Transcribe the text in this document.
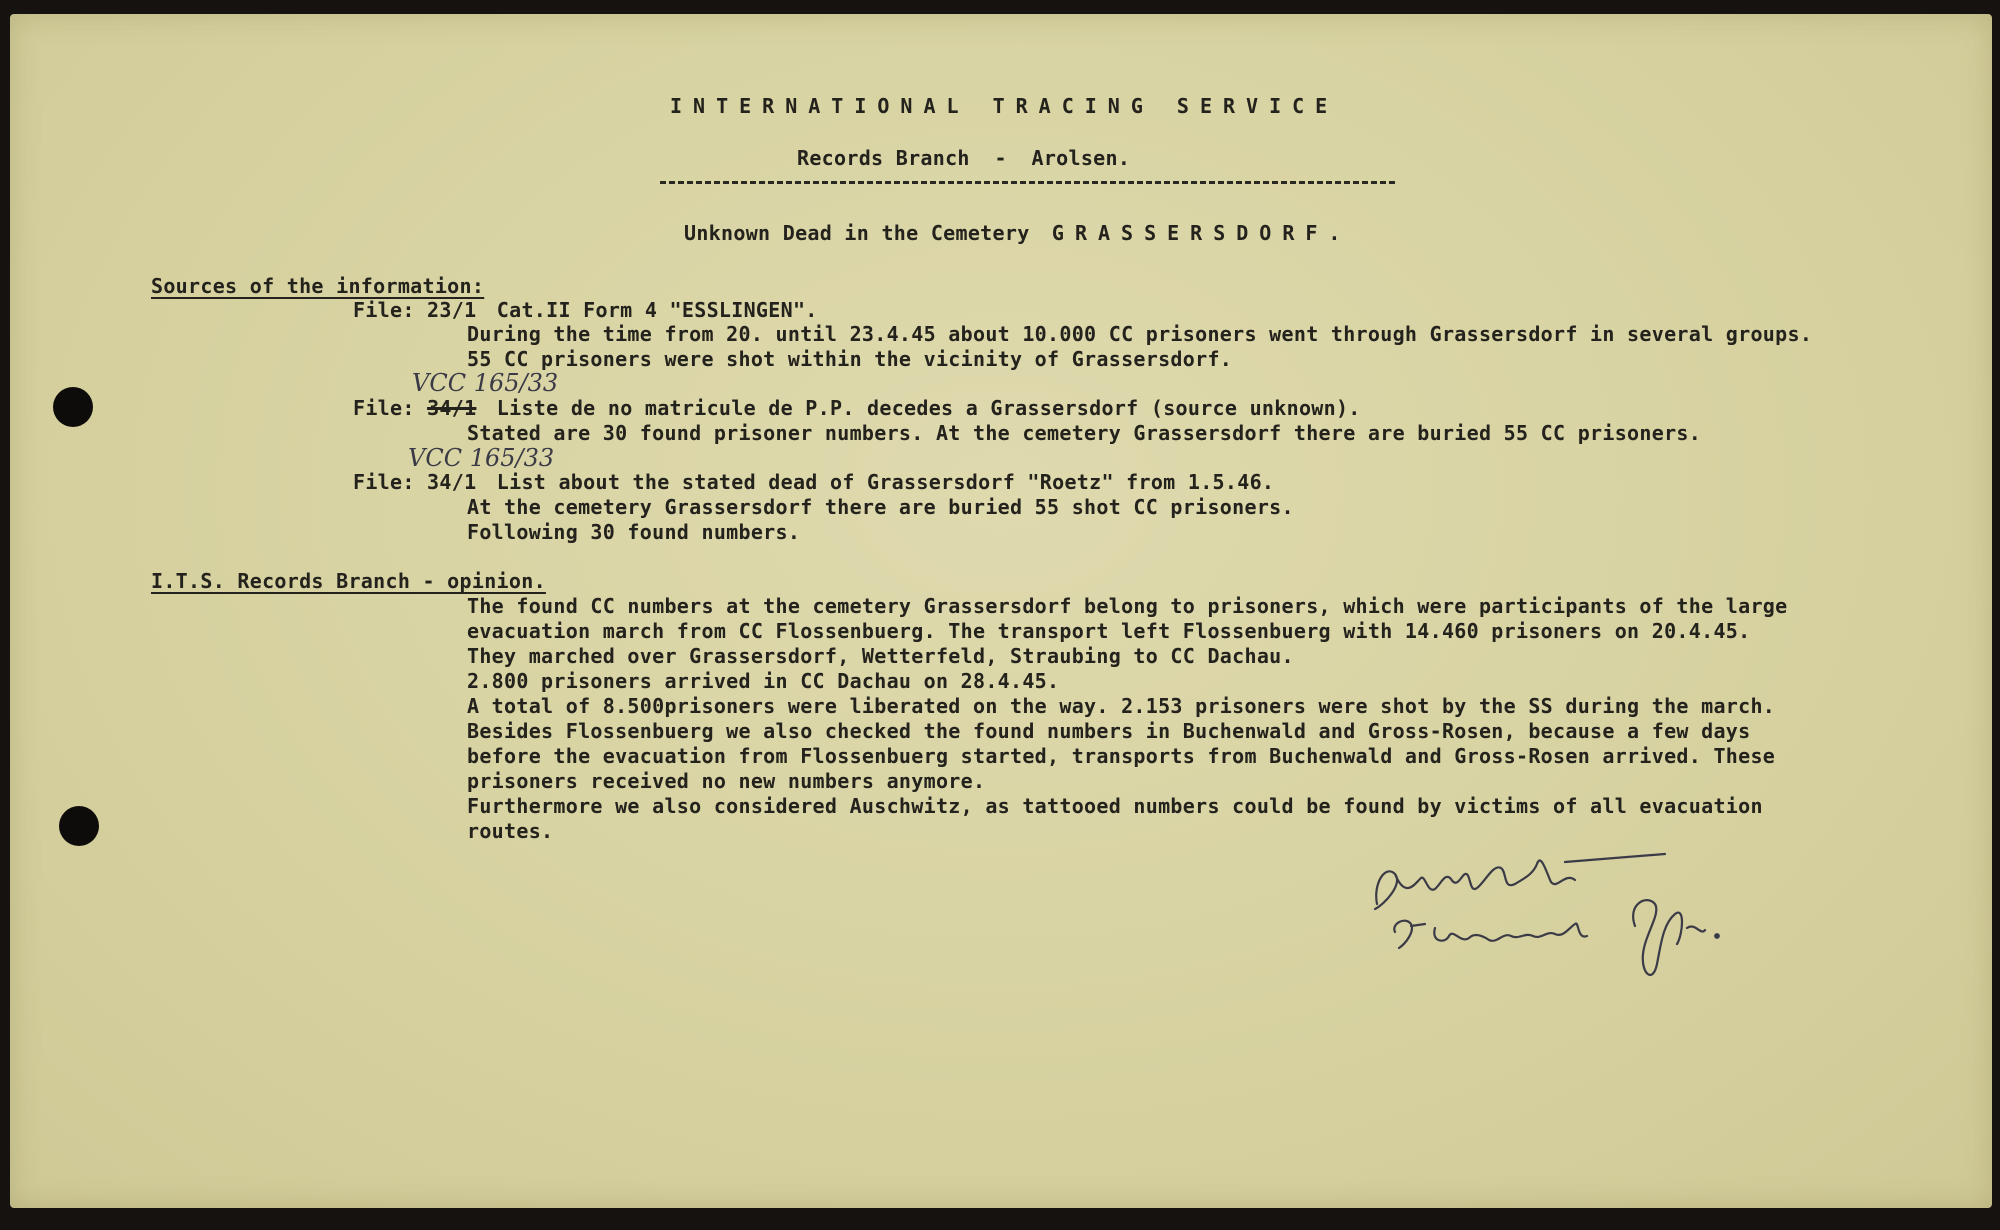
INTERNATIONAL TRACING SERVICE
Records Branch  -  Arolsen.
Unknown Dead in the Cemetery GRASSERSDORF.
Sources of the information:
File: 23/1 Cat.II Form 4 "ESSLINGEN".
During the time from 20. until 23.4.45 about 10.000 CC prisoners went through Grassersdorf in several groups.
55 CC prisoners were shot within the vicinity of Grassersdorf.
VCC 165/33
File: 34/1 Liste de no matricule de P.P. decedes a Grassersdorf (source unknown).
Stated are 30 found prisoner numbers. At the cemetery Grassersdorf there are buried 55 CC prisoners.
VCC 165/33
File: 34/1 List about the stated dead of Grassersdorf "Roetz" from 1.5.46.
At the cemetery Grassersdorf there are buried 55 shot CC prisoners.
Following 30 found numbers.
I.T.S. Records Branch - opinion.
The found CC numbers at the cemetery Grassersdorf belong to prisoners, which were participants of the large
evacuation march from CC Flossenbuerg. The transport left Flossenbuerg with 14.460 prisoners on 20.4.45.
They marched over Grassersdorf, Wetterfeld, Straubing to CC Dachau.
2.800 prisoners arrived in CC Dachau on 28.4.45.
A total of 8.500prisoners were liberated on the way. 2.153 prisoners were shot by the SS during the march.
Besides Flossenbuerg we also checked the found numbers in Buchenwald and Gross-Rosen, because a few days
before the evacuation from Flossenbuerg started, transports from Buchenwald and Gross-Rosen arrived. These
prisoners received no new numbers anymore.
Furthermore we also considered Auschwitz, as tattooed numbers could be found by victims of all evacuation
routes.
